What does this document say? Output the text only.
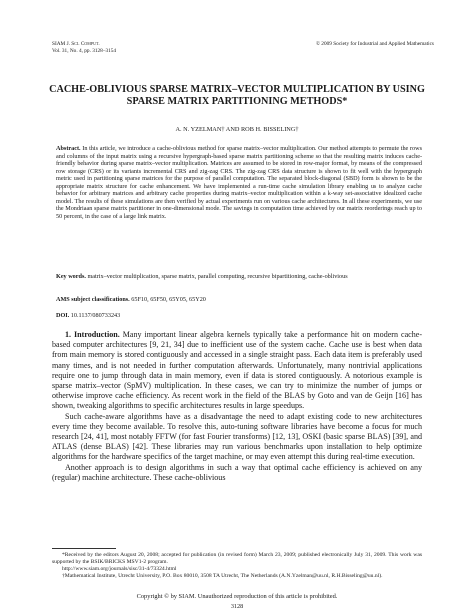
SIAM J. Sci. Comput.
Vol. 31, No. 4, pp. 3128–3154
© 2009 Society for Industrial and Applied Mathematics
CACHE-OBLIVIOUS SPARSE MATRIX–VECTOR MULTIPLICATION BY USING SPARSE MATRIX PARTITIONING METHODS*
A. N. YZELMAN† AND ROB H. BISSELING†
Abstract. In this article, we introduce a cache-oblivious method for sparse matrix–vector multiplication. Our method attempts to permute the rows and columns of the input matrix using a recursive hypergraph-based sparse matrix partitioning scheme so that the resulting matrix induces cache-friendly behavior during sparse matrix–vector multiplication. Matrices are assumed to be stored in row-major format, by means of the compressed row storage (CRS) or its variants incremental CRS and zig-zag CRS. The zig-zag CRS data structure is shown to fit well with the hypergraph metric used in partitioning sparse matrices for the purpose of parallel computation. The separated block-diagonal (SBD) form is shown to be the appropriate matrix structure for cache enhancement. We have implemented a run-time cache simulation library enabling us to analyze cache behavior for arbitrary matrices and arbitrary cache properties during matrix–vector multiplication within a k-way set-associative idealized cache model. The results of these simulations are then verified by actual experiments run on various cache architectures. In all these experiments, we use the Mondriaan sparse matrix partitioner in one-dimensional mode. The savings in computation time achieved by our matrix reorderings reach up to 50 percent, in the case of a large link matrix.
Key words. matrix–vector multiplication, sparse matrix, parallel computing, recursive bipartitioning, cache-oblivious
AMS subject classifications. 65F10, 65F50, 65Y05, 65Y20
DOI. 10.1137/080733243

1. Introduction. Many important linear algebra kernels typically take a performance hit on modern cache-based computer architectures [9, 21, 34] due to inefficient use of the system cache. Cache use is best when data from main memory is stored contiguously and accessed in a single straight pass. Each data item is preferably used many times, and is not needed in further computation afterwards. Unfortunately, many nontrivial applications require one to jump through data in main memory, even if data is stored contiguously. A notorious example is sparse matrix–vector (SpMV) multiplication. In these cases, we can try to minimize the number of jumps or otherwise improve cache efficiency. As recent work in the field of the BLAS by Goto and van de Geijn [16] has shown, tweaking algorithms to specific architectures results in large speedups.

Such cache-aware algorithms have as a disadvantage the need to adapt existing code to new architectures every time they become available. To resolve this, auto-tuning software libraries have become a focus for much research [24, 41], most notably FFTW (for fast Fourier transforms) [12, 13], OSKI (basic sparse BLAS) [39], and ATLAS (dense BLAS) [42]. These libraries may run various benchmarks upon installation to help optimize algorithms for the hardware specifics of the target machine, or may even attempt this during real-time execution.

Another approach is to design algorithms in such a way that optimal cache efficiency is achieved on any (regular) machine architecture. These cache-oblivious

*Received by the editors August 20, 2008; accepted for publication (in revised form) March 23, 2009; published electronically July 31, 2009. This work was supported by the BSIK/BRICKS MSV1-2 program.

http://www.siam.org/journals/sisc/31-4/73324.html

†Mathematical Institute, Utrecht University, P.O. Box 80010, 3508 TA Utrecht, The Netherlands (A.N.Yzelman@uu.nl, R.H.Bisseling@uu.nl).

Copyright © by SIAM. Unauthorized reproduction of this article is prohibited.
3128
